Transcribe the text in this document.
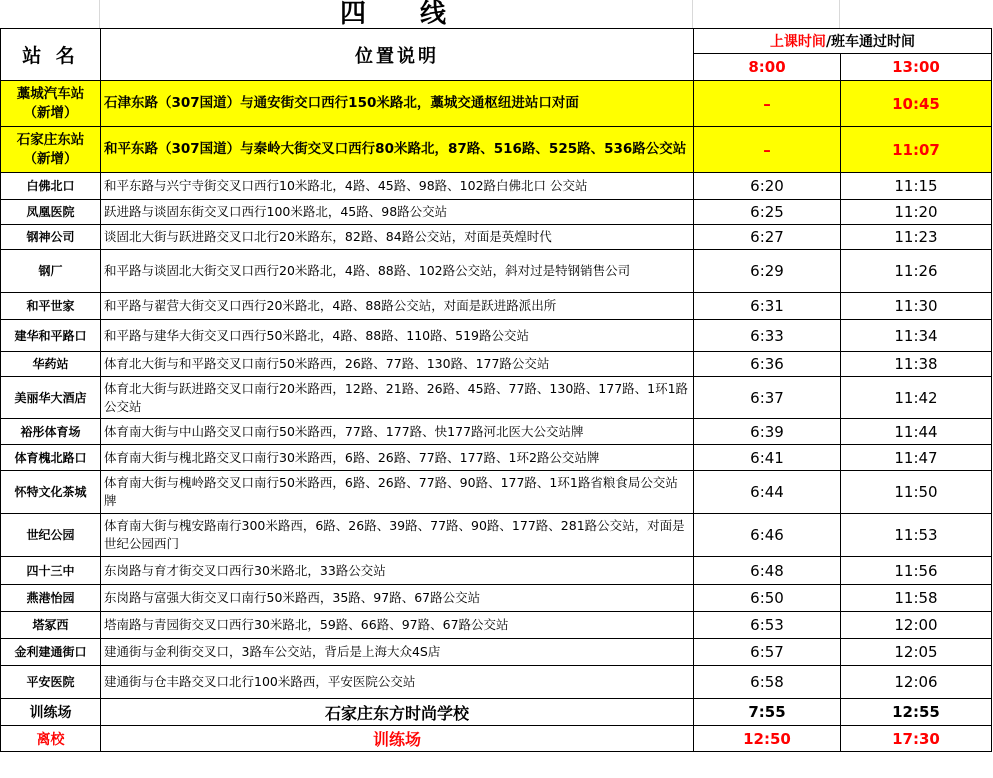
四　线
站 名	位置说明	上课时间/班车通过时间	
		8:00	13:00
藁城汽车站（新增）	石津东路（307国道）与通安街交口西行150米路北，藁城交通枢纽进站口对面	–	10:45
石家庄东站（新增）	和平东路（307国道）与秦岭大街交叉口西行80米路北，87路、516路、525路、536路公交站	–	11:07
白佛北口	和平东路与兴宁寺街交叉口西行10米路北，4路、45路、98路、102路白佛北口 公交站	6:20	11:15
凤凰医院	跃进路与谈固东街交叉口西行100米路北，45路、98路公交站	6:25	11:20
钢神公司	谈固北大街与跃进路交叉口北行20米路东，82路、84路公交站，对面是英煌时代	6:27	11:23
钢厂	和平路与谈固北大街交叉口西行20米路北，4路、88路、102路公交站，斜对过是特钢销售公司	6:29	11:26
和平世家	和平路与翟营大街交叉口西行20米路北，4路、88路公交站，对面是跃进路派出所	6:31	11:30
建华和平路口	和平路与建华大街交叉口西行50米路北，4路、88路、110路、519路公交站	6:33	11:34
华药站	体育北大街与和平路交叉口南行50米路西，26路、77路、130路、177路公交站	6:36	11:38
美丽华大酒店	体育北大街与跃进路交叉口南行20米路西，12路、21路、26路、45路、77路、130路、177路、1环1路公交站	6:37	11:42
裕彤体育场	体育南大街与中山路交叉口南行50米路西，77路、177路、快177路河北医大公交站牌	6:39	11:44
体育槐北路口	体育南大街与槐北路交叉口南行30米路西，6路、26路、77路、177路、1环2路公交站牌	6:41	11:47
怀特文化茶城	体育南大街与槐岭路交叉口南行50米路西，6路、26路、77路、90路、177路、1环1路省粮食局公交站牌	6:44	11:50
世纪公园	体育南大街与槐安路南行300米路西，6路、26路、39路、77路、90路、177路、281路公交站，对面是世纪公园西门	6:46	11:53
四十三中	东岗路与育才街交叉口西行30米路北，33路公交站	6:48	11:56
燕港怡园	东岗路与富强大街交叉口南行50米路西，35路、97路、67路公交站	6:50	11:58
塔冢西	塔南路与青园街交叉口西行30米路北，59路、66路、97路、67路公交站	6:53	12:00
金利建通街口	建通街与金利街交叉口，3路车公交站，背后是上海大众4S店	6:57	12:05
平安医院	建通街与仓丰路交叉口北行100米路西，平安医院公交站	6:58	12:06
训练场	石家庄东方时尚学校	7:55	12:55
离校	训练场	12:50	17:30
